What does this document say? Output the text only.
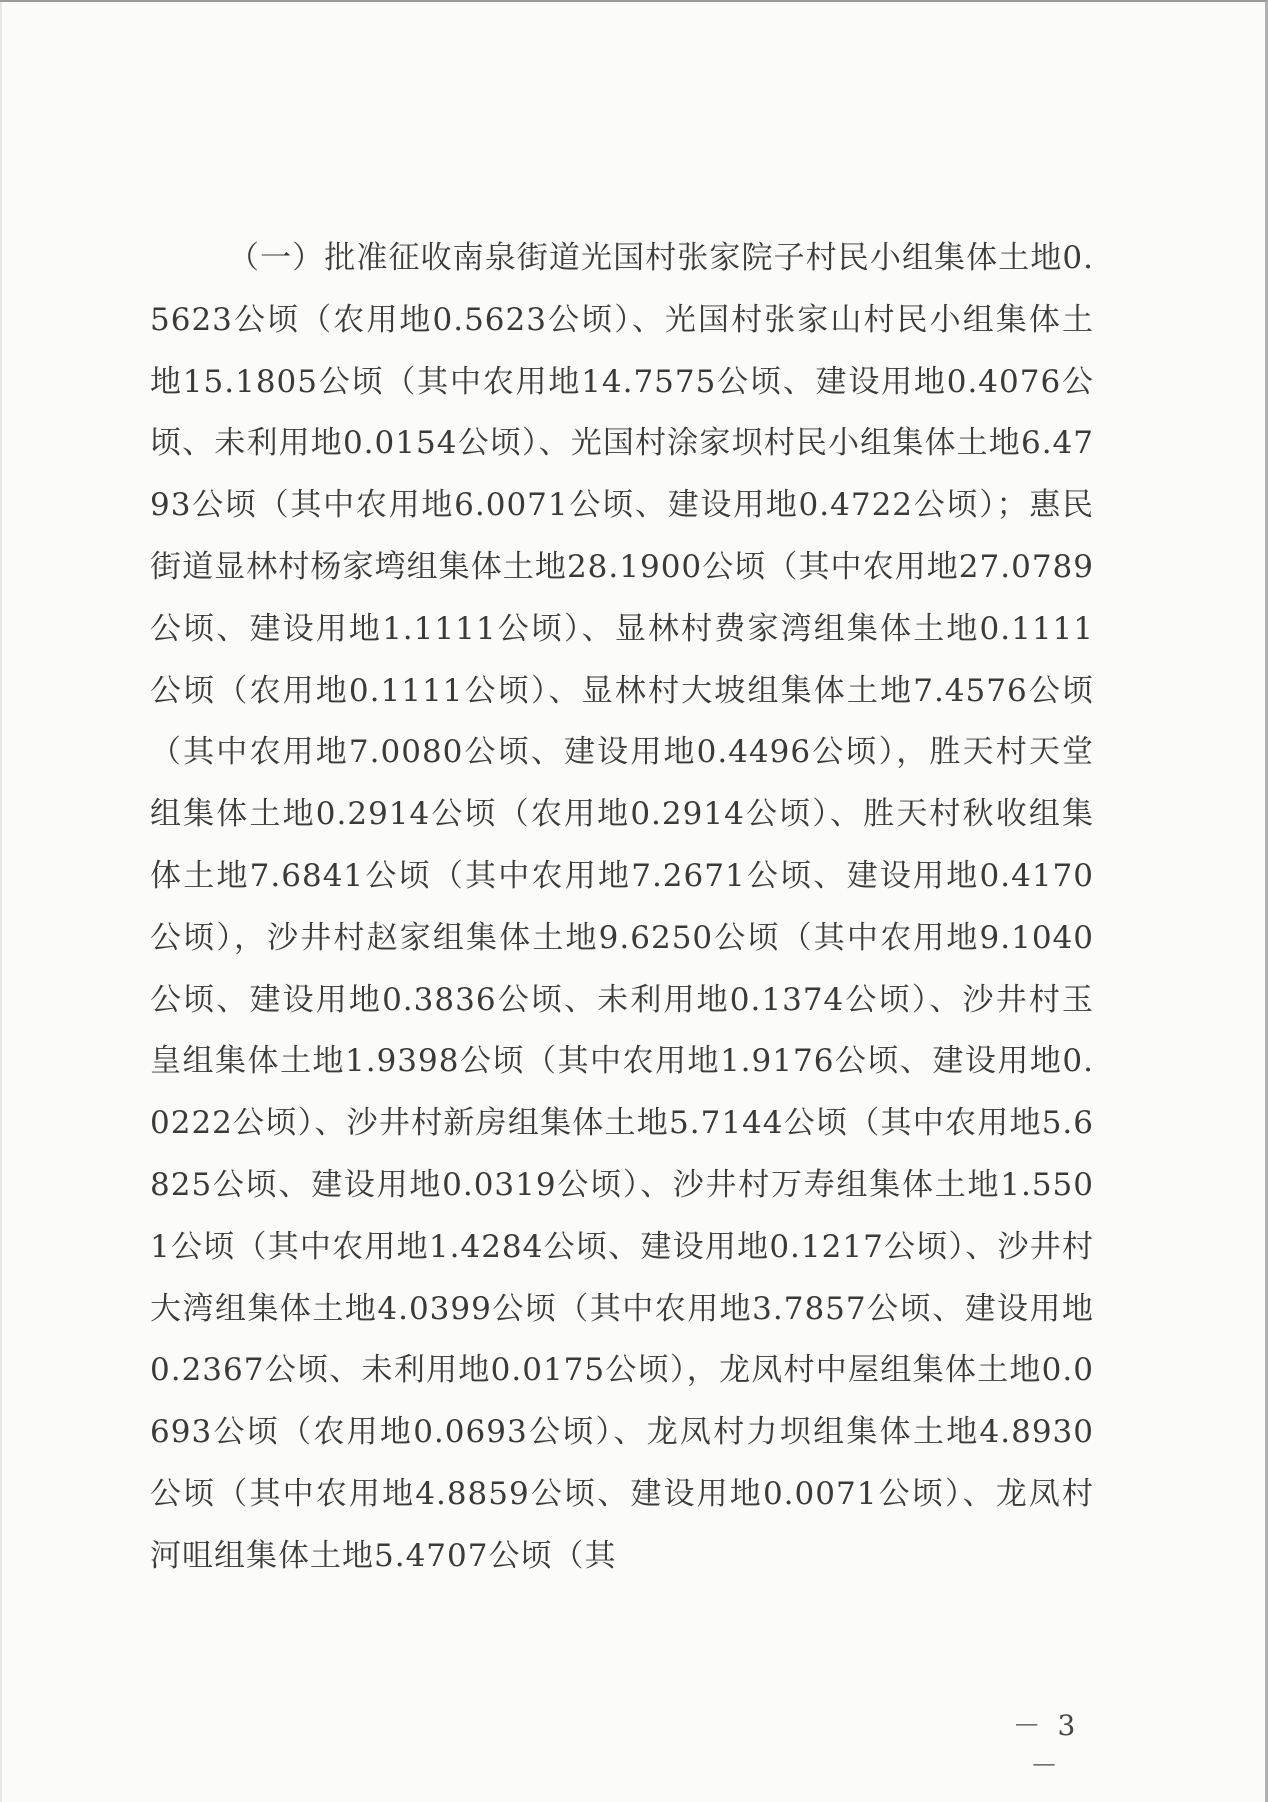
（一）批准征收南泉街道光国村张家院子村民小组集体土地0.5623公顷（农用地0.5623公顷）、光国村张家山村民小组集体土地15.1805公顷（其中农用地14.7575公顷、建设用地0.4076公顷、未利用地0.0154公顷）、光国村涂家坝村民小组集体土地6.4793公顷（其中农用地6.0071公顷、建设用地0.4722公顷）；惠民街道显林村杨家塆组集体土地28.1900公顷（其中农用地27.0789公顷、建设用地1.1111公顷）、显林村费家湾组集体土地0.1111公顷（农用地0.1111公顷）、显林村大坡组集体土地7.4576公顷（其中农用地7.0080公顷、建设用地0.4496公顷），胜天村天堂组集体土地0.2914公顷（农用地0.2914公顷）、胜天村秋收组集体土地7.6841公顷（其中农用地7.2671公顷、建设用地0.4170公顷），沙井村赵家组集体土地9.6250公顷（其中农用地9.1040公顷、建设用地0.3836公顷、未利用地0.1374公顷）、沙井村玉皇组集体土地1.9398公顷（其中农用地1.9176公顷、建设用地0.0222公顷）、沙井村新房组集体土地5.7144公顷（其中农用地5.6825公顷、建设用地0.0319公顷）、沙井村万寿组集体土地1.5501公顷（其中农用地1.4284公顷、建设用地0.1217公顷）、沙井村大湾组集体土地4.0399公顷（其中农用地3.7857公顷、建设用地0.2367公顷、未利用地0.0175公顷），龙凤村中屋组集体土地0.0693公顷（农用地0.0693公顷）、龙凤村力坝组集体土地4.8930公顷（其中农用地4.8859公顷、建设用地0.0071公顷）、龙凤村河咀组集体土地5.4707公顷（其

－ 3 －
